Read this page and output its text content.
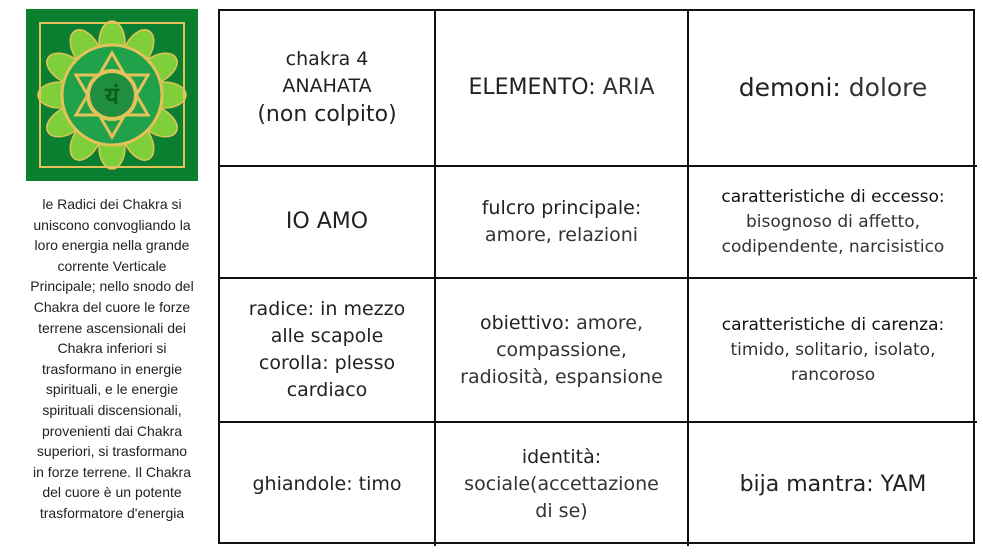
यं
le Radici dei Chakra si
uniscono convogliando la
loro energia nella grande
corrente Verticale
Principale; nello snodo del
Chakra del cuore le forze
terrene ascensionali dei
Chakra inferiori si
trasformano in energie
spirituali, e le energie
spirituali discensionali,
provenienti dai Chakra
superiori, si trasformano
in forze terrene. Il Chakra
del cuore è un potente
trasformatore d'energia
chakra 4
ANAHATA
(non colpito)
ELEMENTO: ARIA	demoni: dolore
IO AMO
fulcro principale:
amore, relazioni
caratteristiche di eccesso:
bisognoso di affetto,
codipendente, narcisistico
radice: in mezzo
alle scapole
corolla: plesso
cardiaco
obiettivo: amore,
compassione,
radiosità, espansione
caratteristiche di carenza:
timido, solitario, isolato,
rancoroso
ghiandole: timo
identità:
sociale(accettazione
di se)
bija mantra: YAM
